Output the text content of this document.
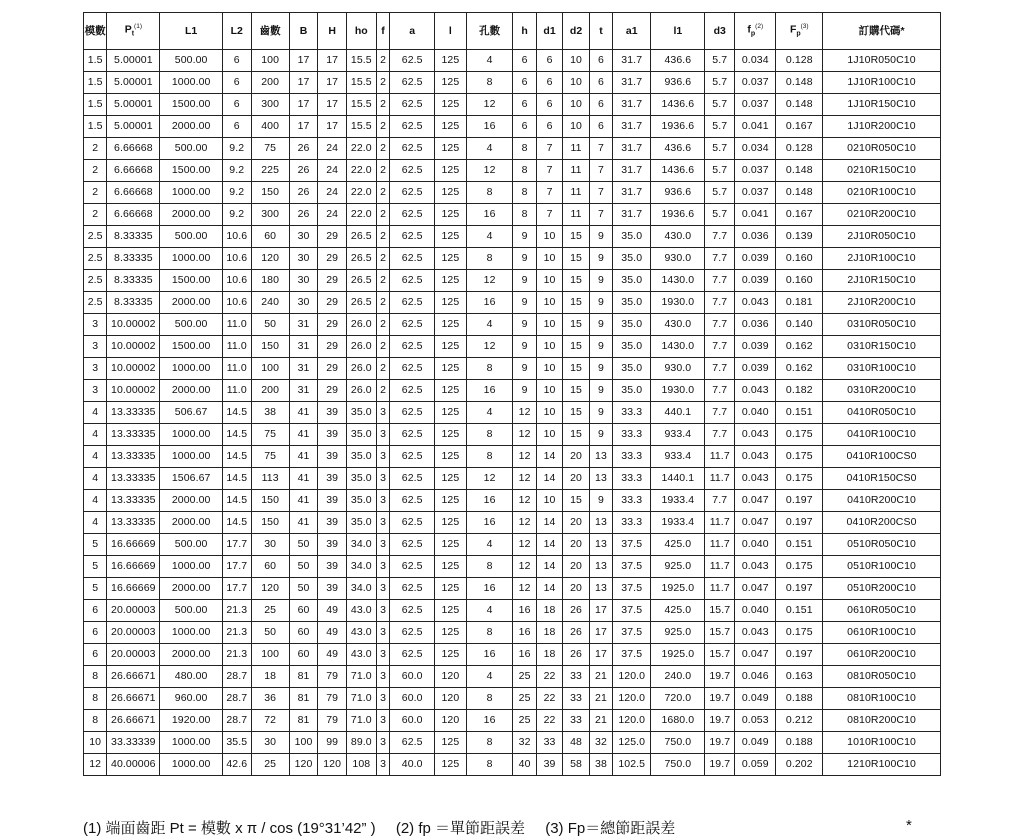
模數	$P_t^{(1)}$	L1	L2	齒數	B	H	ho	f	a	l	孔數	h	d1	d2	t	a1	l1	d3	$f_p^{(2)}$	$F_p^{(3)}$	訂購代碼*
1.5	5.00001	500.00	6	100	17	17	15.5	2	62.5	125	4	6	6	10	6	31.7	436.6	5.7	0.034	0.128	1J10R050C10
1.5	5.00001	1000.00	6	200	17	17	15.5	2	62.5	125	8	6	6	10	6	31.7	936.6	5.7	0.037	0.148	1J10R100C10
1.5	5.00001	1500.00	6	300	17	17	15.5	2	62.5	125	12	6	6	10	6	31.7	1436.6	5.7	0.037	0.148	1J10R150C10
1.5	5.00001	2000.00	6	400	17	17	15.5	2	62.5	125	16	6	6	10	6	31.7	1936.6	5.7	0.041	0.167	1J10R200C10
2	6.66668	500.00	9.2	75	26	24	22.0	2	62.5	125	4	8	7	11	7	31.7	436.6	5.7	0.034	0.128	0210R050C10
2	6.66668	1500.00	9.2	225	26	24	22.0	2	62.5	125	12	8	7	11	7	31.7	1436.6	5.7	0.037	0.148	0210R150C10
2	6.66668	1000.00	9.2	150	26	24	22.0	2	62.5	125	8	8	7	11	7	31.7	936.6	5.7	0.037	0.148	0210R100C10
2	6.66668	2000.00	9.2	300	26	24	22.0	2	62.5	125	16	8	7	11	7	31.7	1936.6	5.7	0.041	0.167	0210R200C10
2.5	8.33335	500.00	10.6	60	30	29	26.5	2	62.5	125	4	9	10	15	9	35.0	430.0	7.7	0.036	0.139	2J10R050C10
2.5	8.33335	1000.00	10.6	120	30	29	26.5	2	62.5	125	8	9	10	15	9	35.0	930.0	7.7	0.039	0.160	2J10R100C10
2.5	8.33335	1500.00	10.6	180	30	29	26.5	2	62.5	125	12	9	10	15	9	35.0	1430.0	7.7	0.039	0.160	2J10R150C10
2.5	8.33335	2000.00	10.6	240	30	29	26.5	2	62.5	125	16	9	10	15	9	35.0	1930.0	7.7	0.043	0.181	2J10R200C10
3	10.00002	500.00	11.0	50	31	29	26.0	2	62.5	125	4	9	10	15	9	35.0	430.0	7.7	0.036	0.140	0310R050C10
3	10.00002	1500.00	11.0	150	31	29	26.0	2	62.5	125	12	9	10	15	9	35.0	1430.0	7.7	0.039	0.162	0310R150C10
3	10.00002	1000.00	11.0	100	31	29	26.0	2	62.5	125	8	9	10	15	9	35.0	930.0	7.7	0.039	0.162	0310R100C10
3	10.00002	2000.00	11.0	200	31	29	26.0	2	62.5	125	16	9	10	15	9	35.0	1930.0	7.7	0.043	0.182	0310R200C10
4	13.33335	506.67	14.5	38	41	39	35.0	3	62.5	125	4	12	10	15	9	33.3	440.1	7.7	0.040	0.151	0410R050C10
4	13.33335	1000.00	14.5	75	41	39	35.0	3	62.5	125	8	12	10	15	9	33.3	933.4	7.7	0.043	0.175	0410R100C10
4	13.33335	1000.00	14.5	75	41	39	35.0	3	62.5	125	8	12	14	20	13	33.3	933.4	11.7	0.043	0.175	0410R100CS0
4	13.33335	1506.67	14.5	113	41	39	35.0	3	62.5	125	12	12	14	20	13	33.3	1440.1	11.7	0.043	0.175	0410R150CS0
4	13.33335	2000.00	14.5	150	41	39	35.0	3	62.5	125	16	12	10	15	9	33.3	1933.4	7.7	0.047	0.197	0410R200C10
4	13.33335	2000.00	14.5	150	41	39	35.0	3	62.5	125	16	12	14	20	13	33.3	1933.4	11.7	0.047	0.197	0410R200CS0
5	16.66669	500.00	17.7	30	50	39	34.0	3	62.5	125	4	12	14	20	13	37.5	425.0	11.7	0.040	0.151	0510R050C10
5	16.66669	1000.00	17.7	60	50	39	34.0	3	62.5	125	8	12	14	20	13	37.5	925.0	11.7	0.043	0.175	0510R100C10
5	16.66669	2000.00	17.7	120	50	39	34.0	3	62.5	125	16	12	14	20	13	37.5	1925.0	11.7	0.047	0.197	0510R200C10
6	20.00003	500.00	21.3	25	60	49	43.0	3	62.5	125	4	16	18	26	17	37.5	425.0	15.7	0.040	0.151	0610R050C10
6	20.00003	1000.00	21.3	50	60	49	43.0	3	62.5	125	8	16	18	26	17	37.5	925.0	15.7	0.043	0.175	0610R100C10
6	20.00003	2000.00	21.3	100	60	49	43.0	3	62.5	125	16	16	18	26	17	37.5	1925.0	15.7	0.047	0.197	0610R200C10
8	26.66671	480.00	28.7	18	81	79	71.0	3	60.0	120	4	25	22	33	21	120.0	240.0	19.7	0.046	0.163	0810R050C10
8	26.66671	960.00	28.7	36	81	79	71.0	3	60.0	120	8	25	22	33	21	120.0	720.0	19.7	0.049	0.188	0810R100C10
8	26.66671	1920.00	28.7	72	81	79	71.0	3	60.0	120	16	25	22	33	21	120.0	1680.0	19.7	0.053	0.212	0810R200C10
10	33.33339	1000.00	35.5	30	100	99	89.0	3	62.5	125	8	32	33	48	32	125.0	750.0	19.7	0.049	0.188	1010R100C10
12	40.00006	1000.00	42.6	25	120	120	108	3	40.0	125	8	40	39	58	38	102.5	750.0	19.7	0.059	0.202	1210R100C10
(1) 端面齒距 Pt = 模數 x π / cos (19°31’42” ) (2) fp ＝單節距誤差 (3) Fp＝總節距誤差	*
